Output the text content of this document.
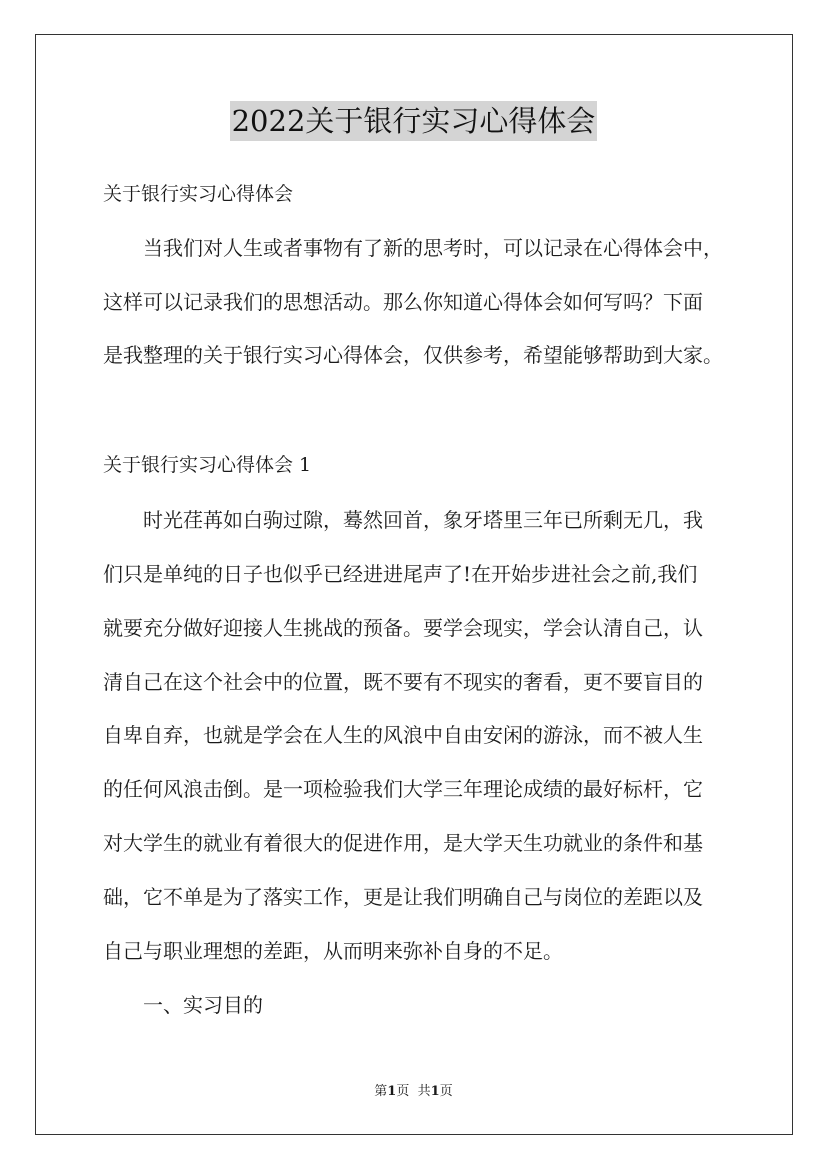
2022关于银行实习心得体会
关于银行实习心得体会
当我们对人生或者事物有了新的思考时，可以记录在心得体会中，
这样可以记录我们的思想活动。那么你知道心得体会如何写吗？下面
是我整理的关于银行实习心得体会，仅供参考，希望能够帮助到大家。
关于银行实习心得体会 1
时光荏苒如白驹过隙，蓦然回首，象牙塔里三年已所剩无几，我
们只是单纯的日子也似乎已经进进尾声了!在开始步进社会之前,我们
就要充分做好迎接人生挑战的预备。要学会现实，学会认清自己，认
清自己在这个社会中的位置，既不要有不现实的奢看，更不要盲目的
自卑自弃，也就是学会在人生的风浪中自由安闲的游泳，而不被人生
的任何风浪击倒。是一项检验我们大学三年理论成绩的最好标杆，它
对大学生的就业有着很大的促进作用，是大学天生功就业的条件和基
础，它不单是为了落实工作，更是让我们明确自己与岗位的差距以及
自己与职业理想的差距，从而明来弥补自身的不足。
一、实习目的
第1页 共1页
